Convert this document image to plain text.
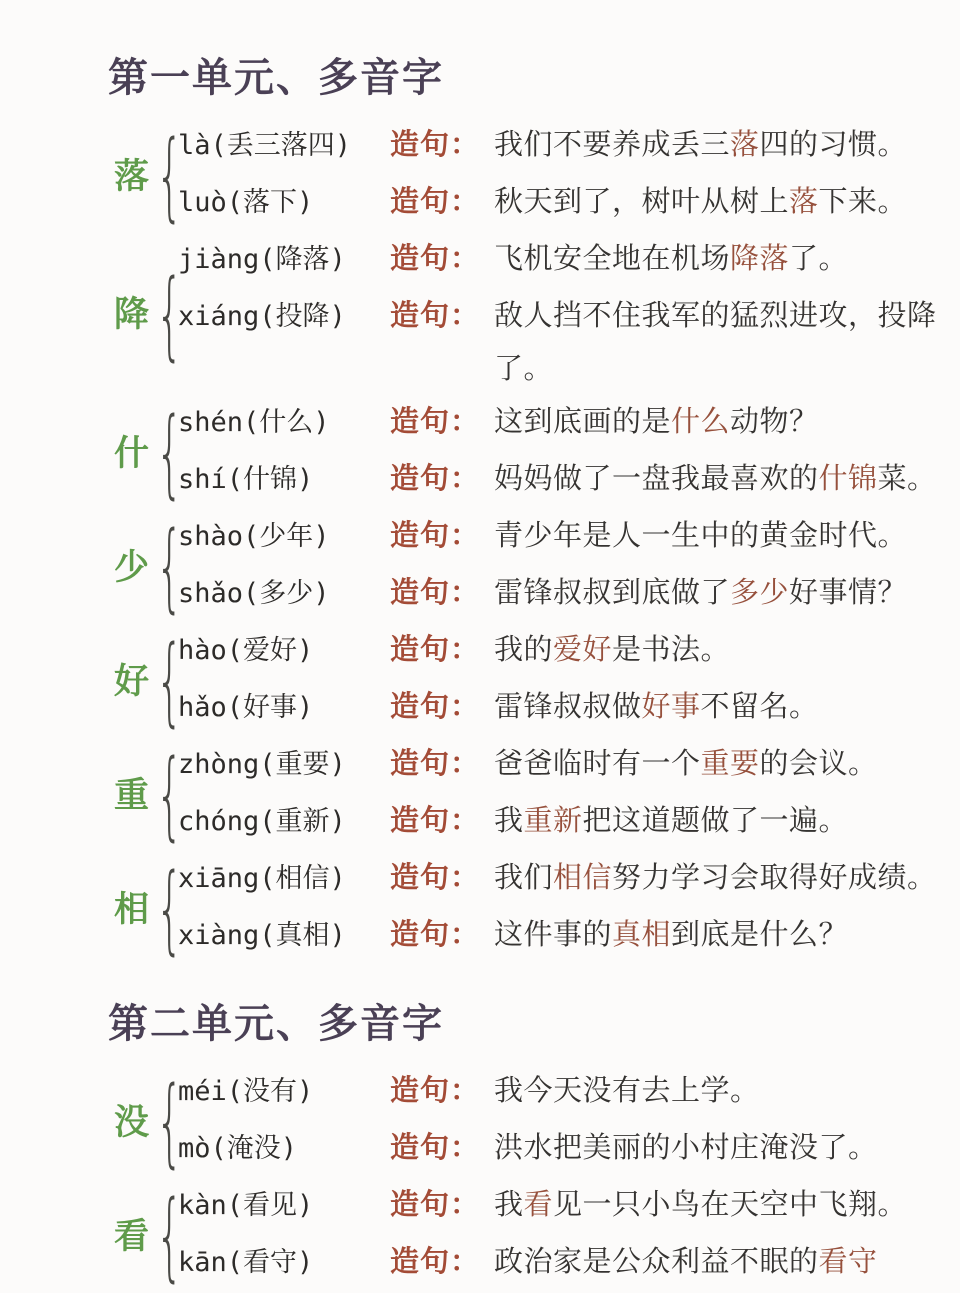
第一单元、多音字
落 {
là(丢三落四)	造句： 我们不要养成丢三落四的习惯。
luò(落下)	造句： 秋天到了，树叶从树上落下来。
降 {
jiàng(降落)	造句： 飞机安全地在机场降落了。
xiáng(投降)	造句： 敌人挡不住我军的猛烈进攻，投降了。
什 {
shén(什么)	造句： 这到底画的是什么动物？
shí(什锦)	造句： 妈妈做了一盘我最喜欢的什锦菜。
少 {
shào(少年)	造句： 青少年是人一生中的黄金时代。
shǎo(多少)	造句： 雷锋叔叔到底做了多少好事情？
好 {
hào(爱好)	造句： 我的爱好是书法。
hǎo(好事)	造句： 雷锋叔叔做好事不留名。
重 {
zhòng(重要)	造句： 爸爸临时有一个重要的会议。
chóng(重新)	造句： 我重新把这道题做了一遍。
相 {
xiāng(相信)	造句： 我们相信努力学习会取得好成绩。
xiàng(真相)	造句： 这件事的真相到底是什么？
第二单元、多音字
没 {
méi(没有)	造句： 我今天没有去上学。
mò(淹没)	造句： 洪水把美丽的小村庄淹没了。
看 {
kàn(看见)	造句： 我看见一只小鸟在天空中飞翔。
kān(看守)	造句： 政治家是公众利益不眠的看守
